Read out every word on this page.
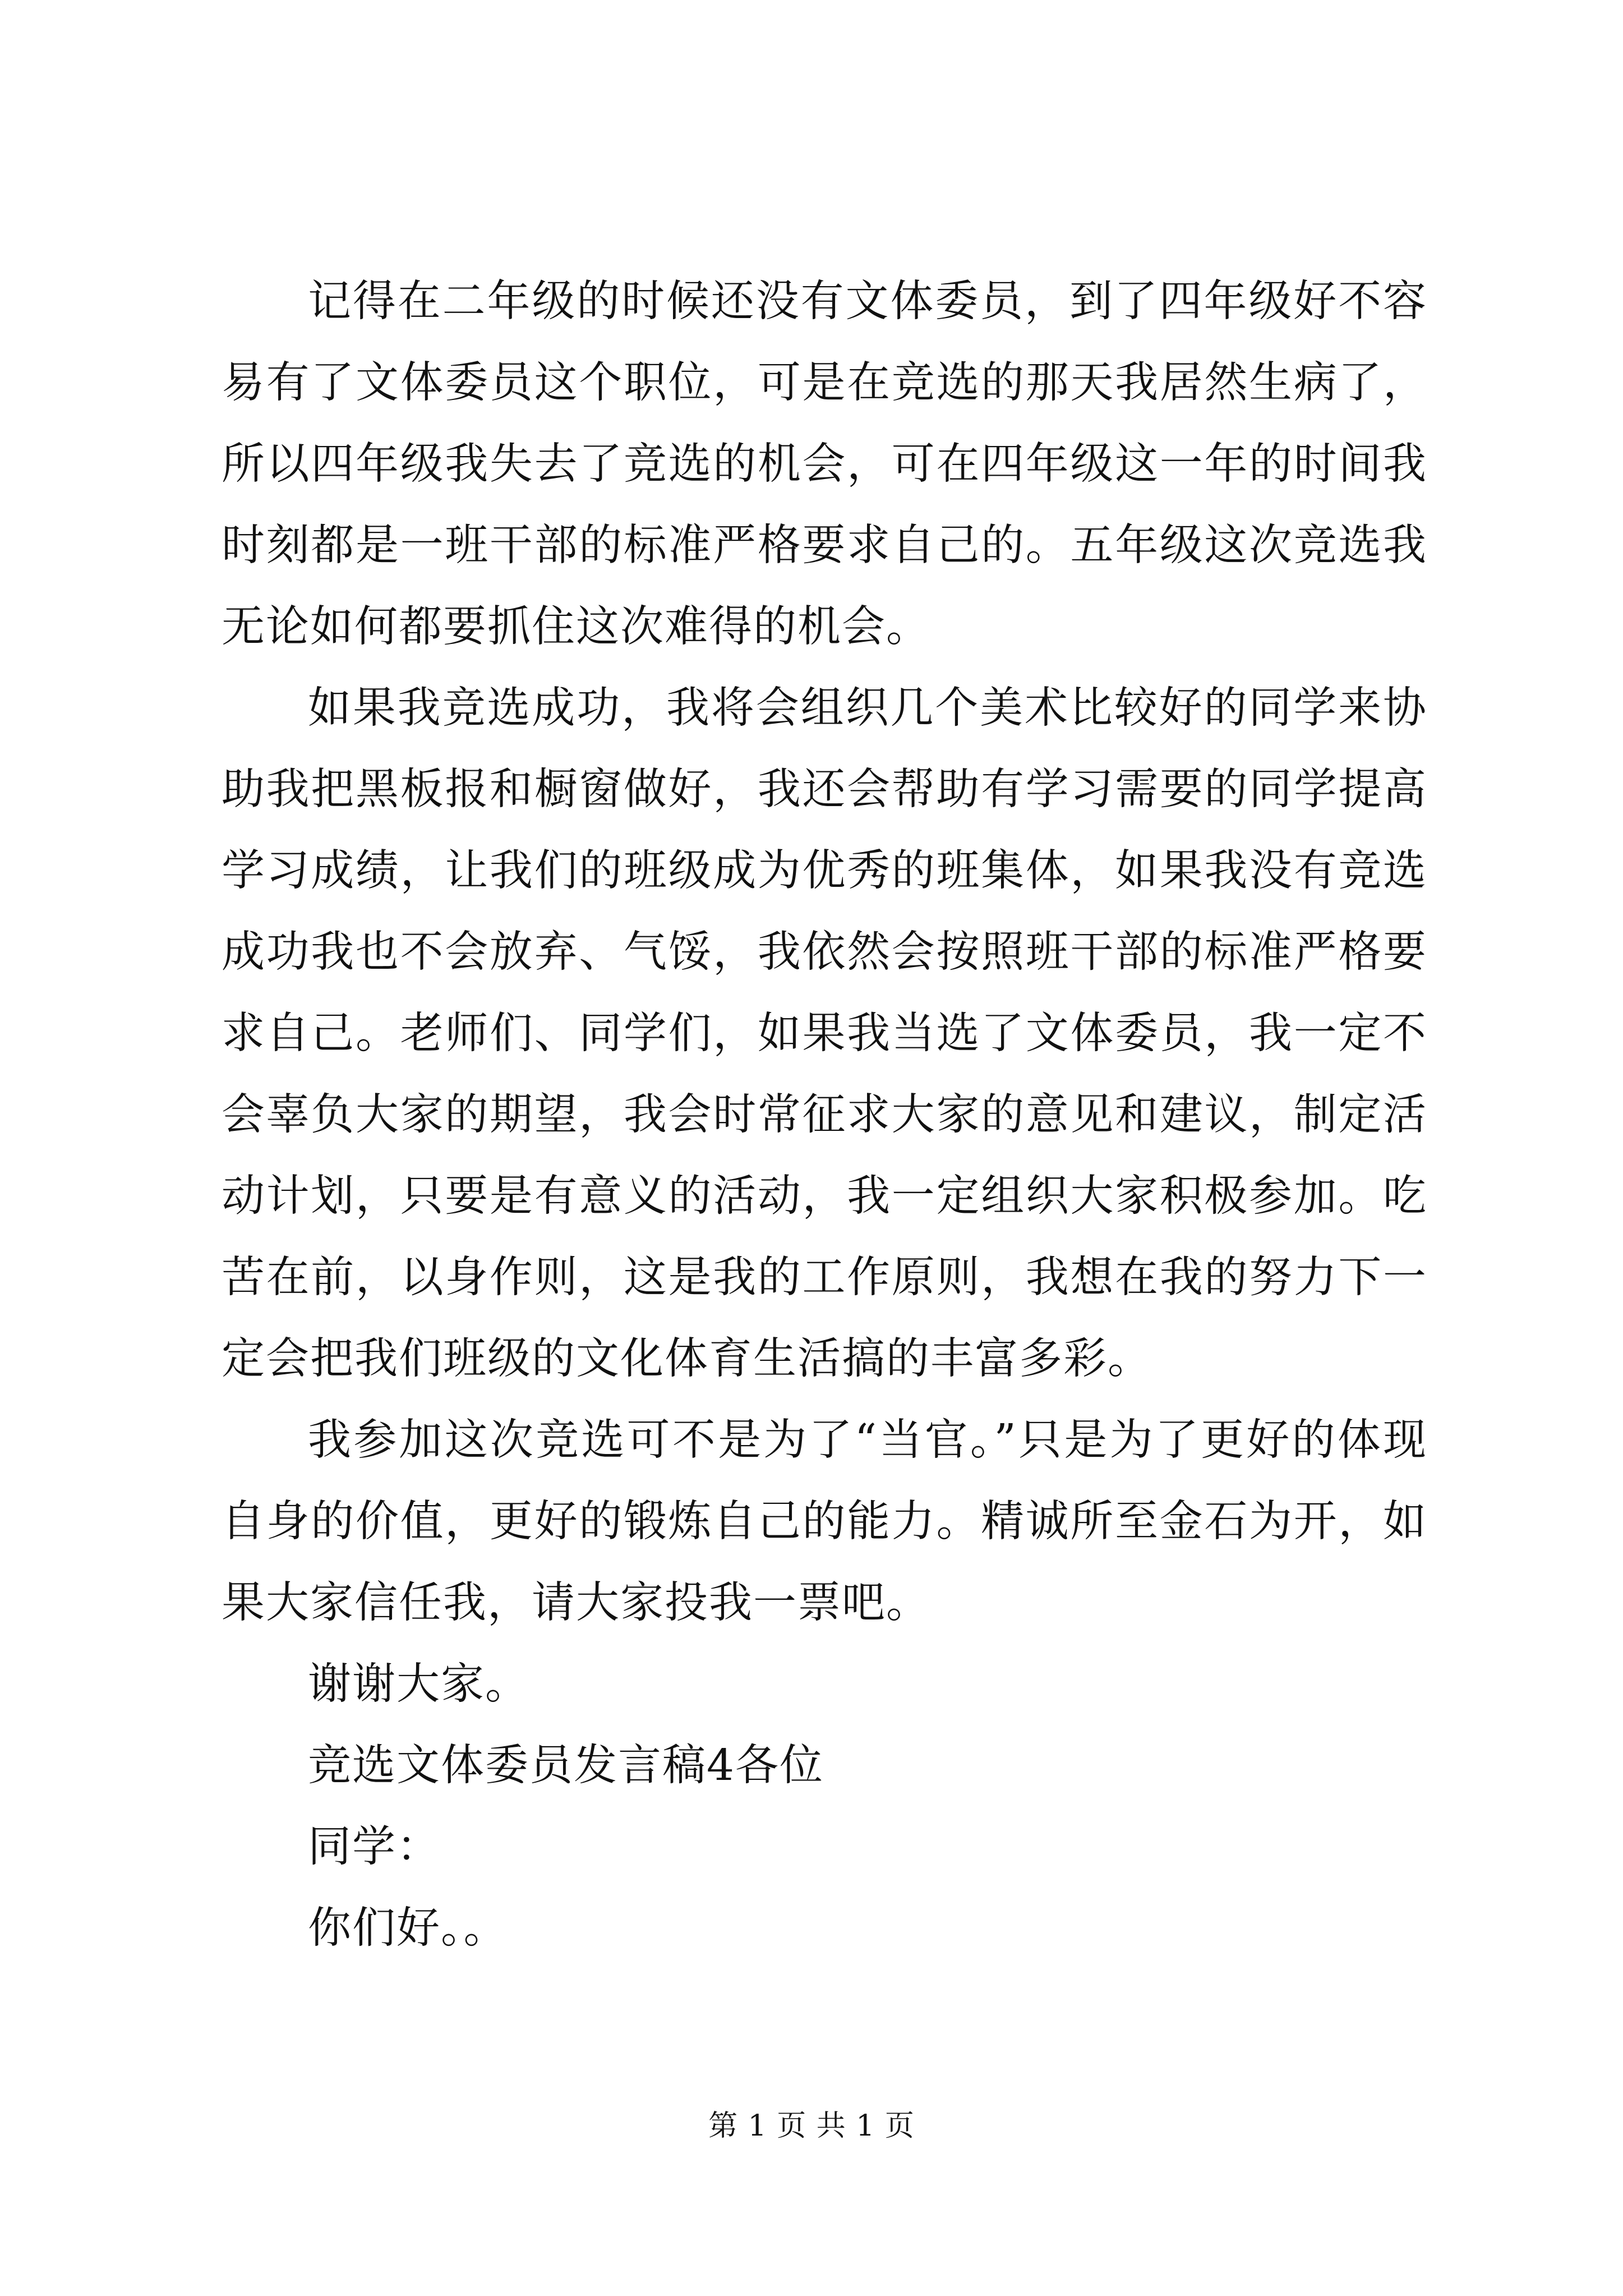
记得在二年级的时候还没有文体委员，到了四年级好不容易有了文体委员这个职位，可是在竞选的那天我居然生病了，所以四年级我失去了竞选的机会，可在四年级这一年的时间我时刻都是一班干部的标准严格要求自己的。五年级这次竞选我无论如何都要抓住这次难得的机会。

如果我竞选成功，我将会组织几个美术比较好的同学来协助我把黑板报和橱窗做好，我还会帮助有学习需要的同学提高学习成绩，让我们的班级成为优秀的班集体，如果我没有竞选成功我也不会放弃、气馁，我依然会按照班干部的标准严格要求自己。老师们、同学们，如果我当选了文体委员，我一定不会辜负大家的期望，我会时常征求大家的意见和建议，制定活动计划，只要是有意义的活动，我一定组织大家积极参加。吃苦在前，以身作则，这是我的工作原则，我想在我的努力下一定会把我们班级的文化体育生活搞的丰富多彩。

我参加这次竞选可不是为了“当官。”只是为了更好的体现自身的价值，更好的锻炼自己的能力。精诚所至金石为开，如果大家信任我，请大家投我一票吧。

谢谢大家。

竞选文体委员发言稿4各位

同学：

你们好。。

第 1 页 共 1 页
